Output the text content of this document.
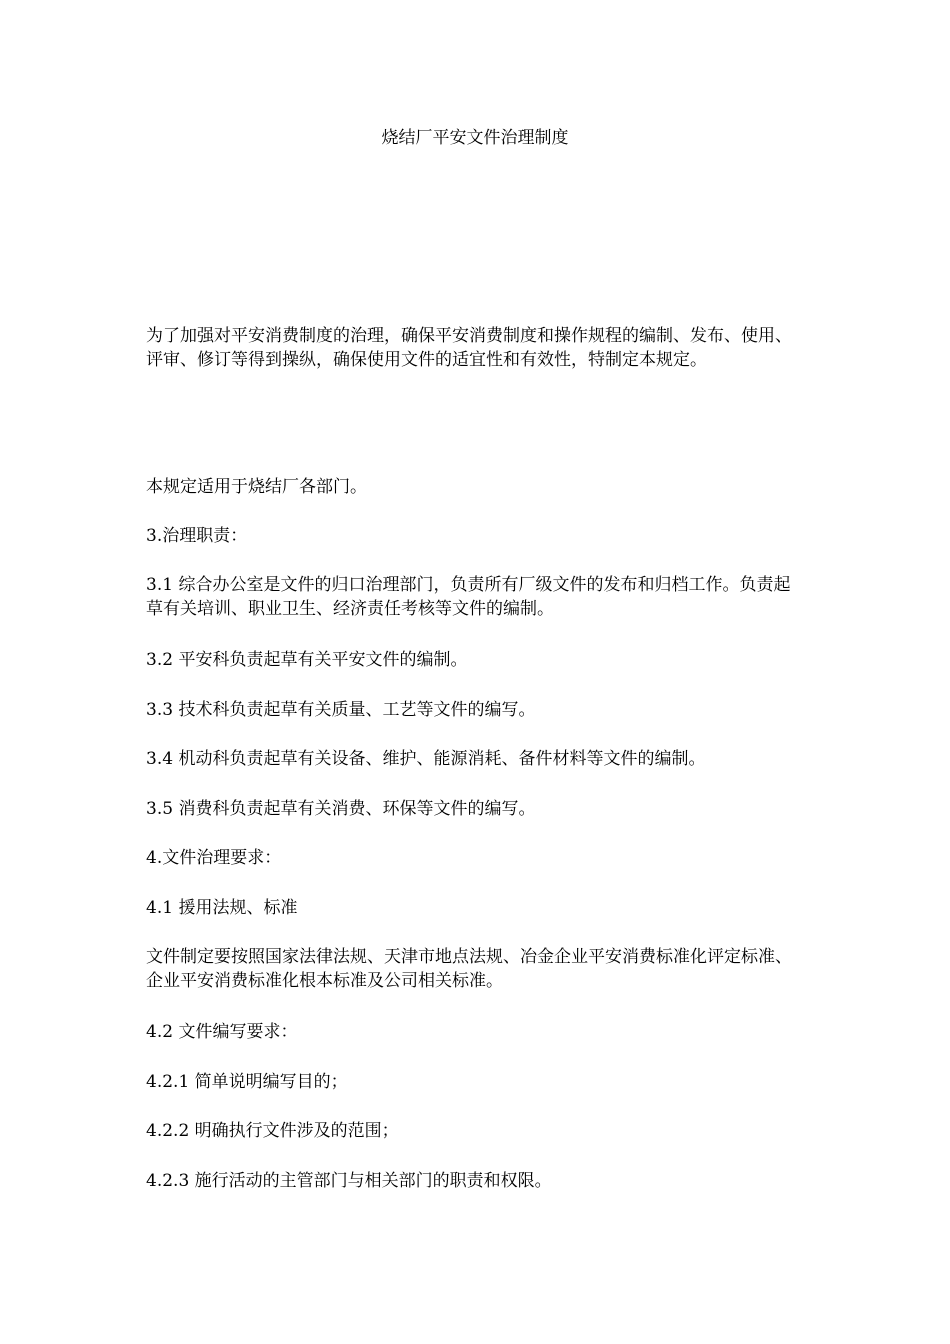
烧结厂平安文件治理制度

为了加强对平安消费制度的治理，确保平安消费制度和操作规程的编制、发布、使用、评审、修订等得到操纵，确保使用文件的适宜性和有效性，特制定本规定。

本规定适用于烧结厂各部门。

3.治理职责：

3.1 综合办公室是文件的归口治理部门，负责所有厂级文件的发布和归档工作。负责起草有关培训、职业卫生、经济责任考核等文件的编制。

3.2 平安科负责起草有关平安文件的编制。

3.3 技术科负责起草有关质量、工艺等文件的编写。

3.4 机动科负责起草有关设备、维护、能源消耗、备件材料等文件的编制。

3.5 消费科负责起草有关消费、环保等文件的编写。

4.文件治理要求：

4.1 援用法规、标准

文件制定要按照国家法律法规、天津市地点法规、冶金企业平安消费标准化评定标准、企业平安消费标准化根本标准及公司相关标准。

4.2 文件编写要求：

4.2.1 简单说明编写目的；

4.2.2 明确执行文件涉及的范围；

4.2.3 施行活动的主管部门与相关部门的职责和权限。
